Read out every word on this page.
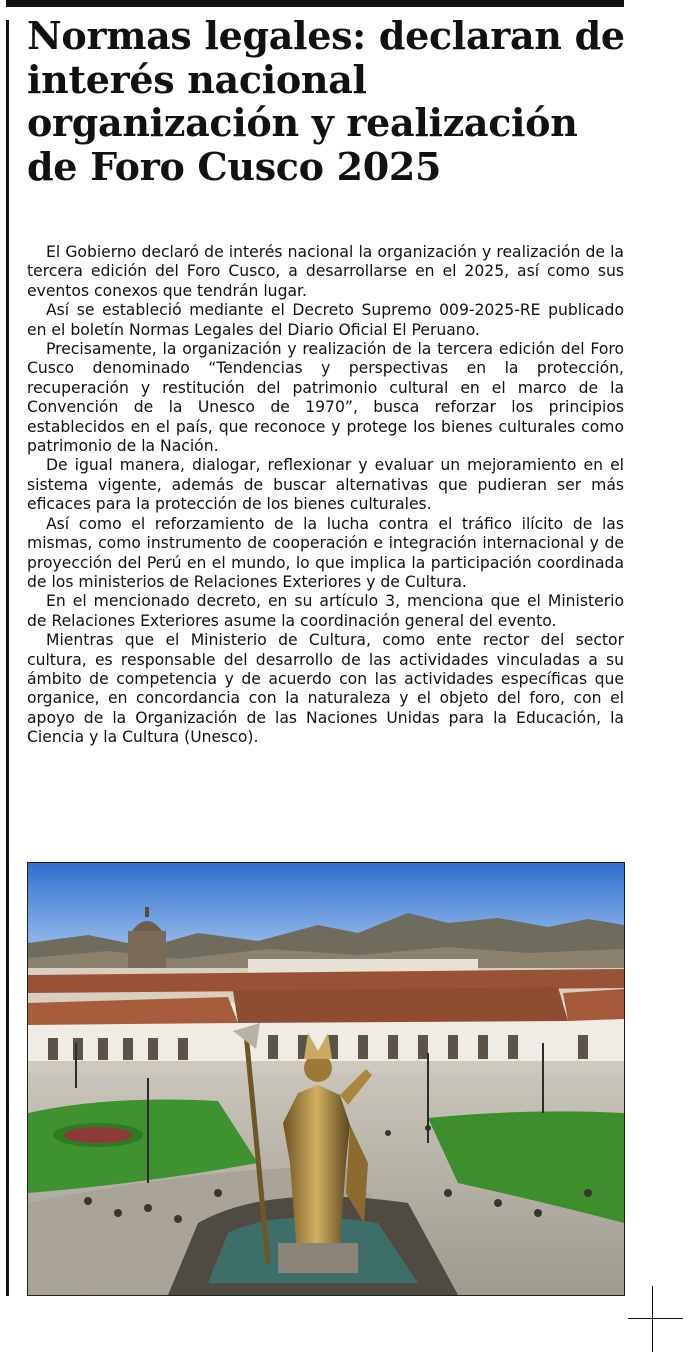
Normas legales: declaran de interés nacional organización y realización de Foro Cusco 2025

El Gobierno declaró de interés nacional la organización y realización de la tercera edición del Foro Cusco, a desarrollarse en el 2025, así como sus eventos conexos que tendrán lugar.

Así se estableció mediante el Decreto Supremo 009-2025-RE publicado en el boletín Normas Legales del Diario Oficial El Peruano.

Precisamente, la organización y realización de la tercera edición del Foro Cusco denominado “Tendencias y perspectivas en la protección, recuperación y restitución del patrimonio cultural en el marco de la Convención de la Unesco de 1970”, busca reforzar los principios establecidos en el país, que reconoce y protege los bienes culturales como patrimonio de la Nación.

De igual manera, dialogar, reflexionar y evaluar un mejoramiento en el sistema vigente, además de buscar alternativas que pudieran ser más eficaces para la protección de los bienes culturales.

Así como el reforzamiento de la lucha contra el tráfico ilícito de las mismas, como instrumento de cooperación e integración internacional y de proyección del Perú en el mundo, lo que implica la participación coordinada de los ministerios de Relaciones Exteriores y de Cultura.

En el mencionado decreto, en su artículo 3, menciona que el Ministerio de Relaciones Exteriores asume la coordinación general del evento.

Mientras que el Ministerio de Cultura, como ente rector del sector cultura, es responsable del desarrollo de las actividades vinculadas a su ámbito de competencia y de acuerdo con las actividades específicas que organice, en concordancia con la naturaleza y el objeto del foro, con el apoyo de la Organización de las Naciones Unidas para la Educación, la Ciencia y la Cultura (Unesco).
